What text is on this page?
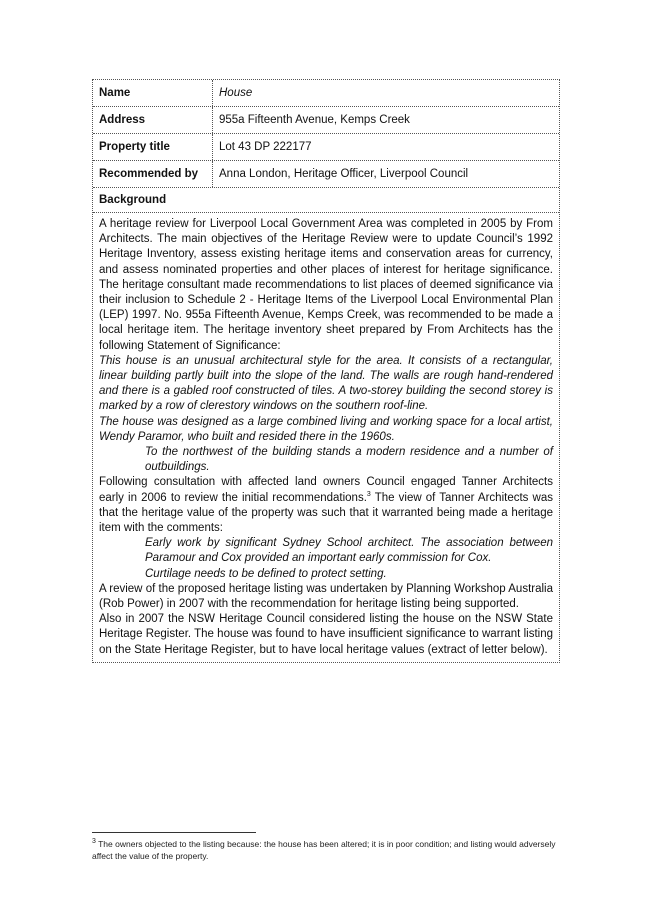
Name	House
Address	955a Fifteenth Avenue, Kemps Creek
Property title	Lot 43 DP 222177
Recommended by	Anna London, Heritage Officer, Liverpool Council
Background

A heritage review for Liverpool Local Government Area was completed in 2005 by From Architects. The main objectives of the Heritage Review were to update Council’s 1992 Heritage Inventory, assess existing heritage items and conservation areas for currency, and assess nominated properties and other places of interest for heritage significance. The heritage consultant made recommendations to list places of deemed significance via their inclusion to Schedule 2 - Heritage Items of the Liverpool Local Environmental Plan (LEP) 1997. No. 955a Fifteenth Avenue, Kemps Creek, was recommended to be made a local heritage item. The heritage inventory sheet prepared by From Architects has the following Statement of Significance:

This house is an unusual architectural style for the area. It consists of a rectangular, linear building partly built into the slope of the land. The walls are rough hand-rendered and there is a gabled roof constructed of tiles. A two-storey building the second storey is marked by a row of clerestory windows on the southern roof-line.

The house was designed as a large combined living and working space for a local artist, Wendy Paramor, who built and resided there in the 1960s.

To the northwest of the building stands a modern residence and a number of outbuildings.

Following consultation with affected land owners Council engaged Tanner Architects early in 2006 to review the initial recommendations.$^3$ The view of Tanner Architects was that the heritage value of the property was such that it warranted being made a heritage item with the comments:

Early work by significant Sydney School architect. The association between Paramour and Cox provided an important early commission for Cox.

Curtilage needs to be defined to protect setting.

A review of the proposed heritage listing was undertaken by Planning Workshop Australia (Rob Power) in 2007 with the recommendation for heritage listing being supported.

Also in 2007 the NSW Heritage Council considered listing the house on the NSW State Heritage Register. The house was found to have insufficient significance to warrant listing on the State Heritage Register, but to have local heritage values (extract of letter below).

$^3$ The owners objected to the listing because: the house has been altered; it is in poor condition; and listing would adversely affect the value of the property.
